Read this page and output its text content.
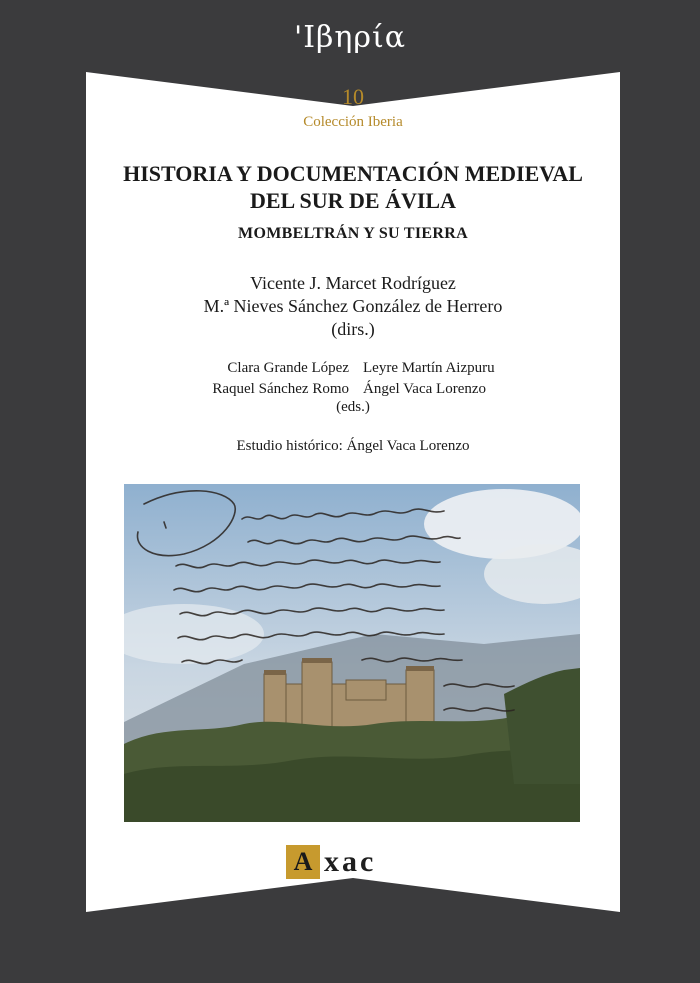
'Ιβηρία
10
Colección Iberia
HISTORIA Y DOCUMENTACIÓN MEDIEVAL
DEL SUR DE ÁVILA
MOMBELTRÁN Y SU TIERRA
Vicente J. Marcet Rodríguez
M.ª Nieves Sánchez González de Herrero
(dirs.)
Clara Grande López Leyre Martín Aizpuru
Raquel Sánchez Romo Ángel Vaca Lorenzo
(eds.)
Estudio histórico: Ángel Vaca Lorenzo
A xac
